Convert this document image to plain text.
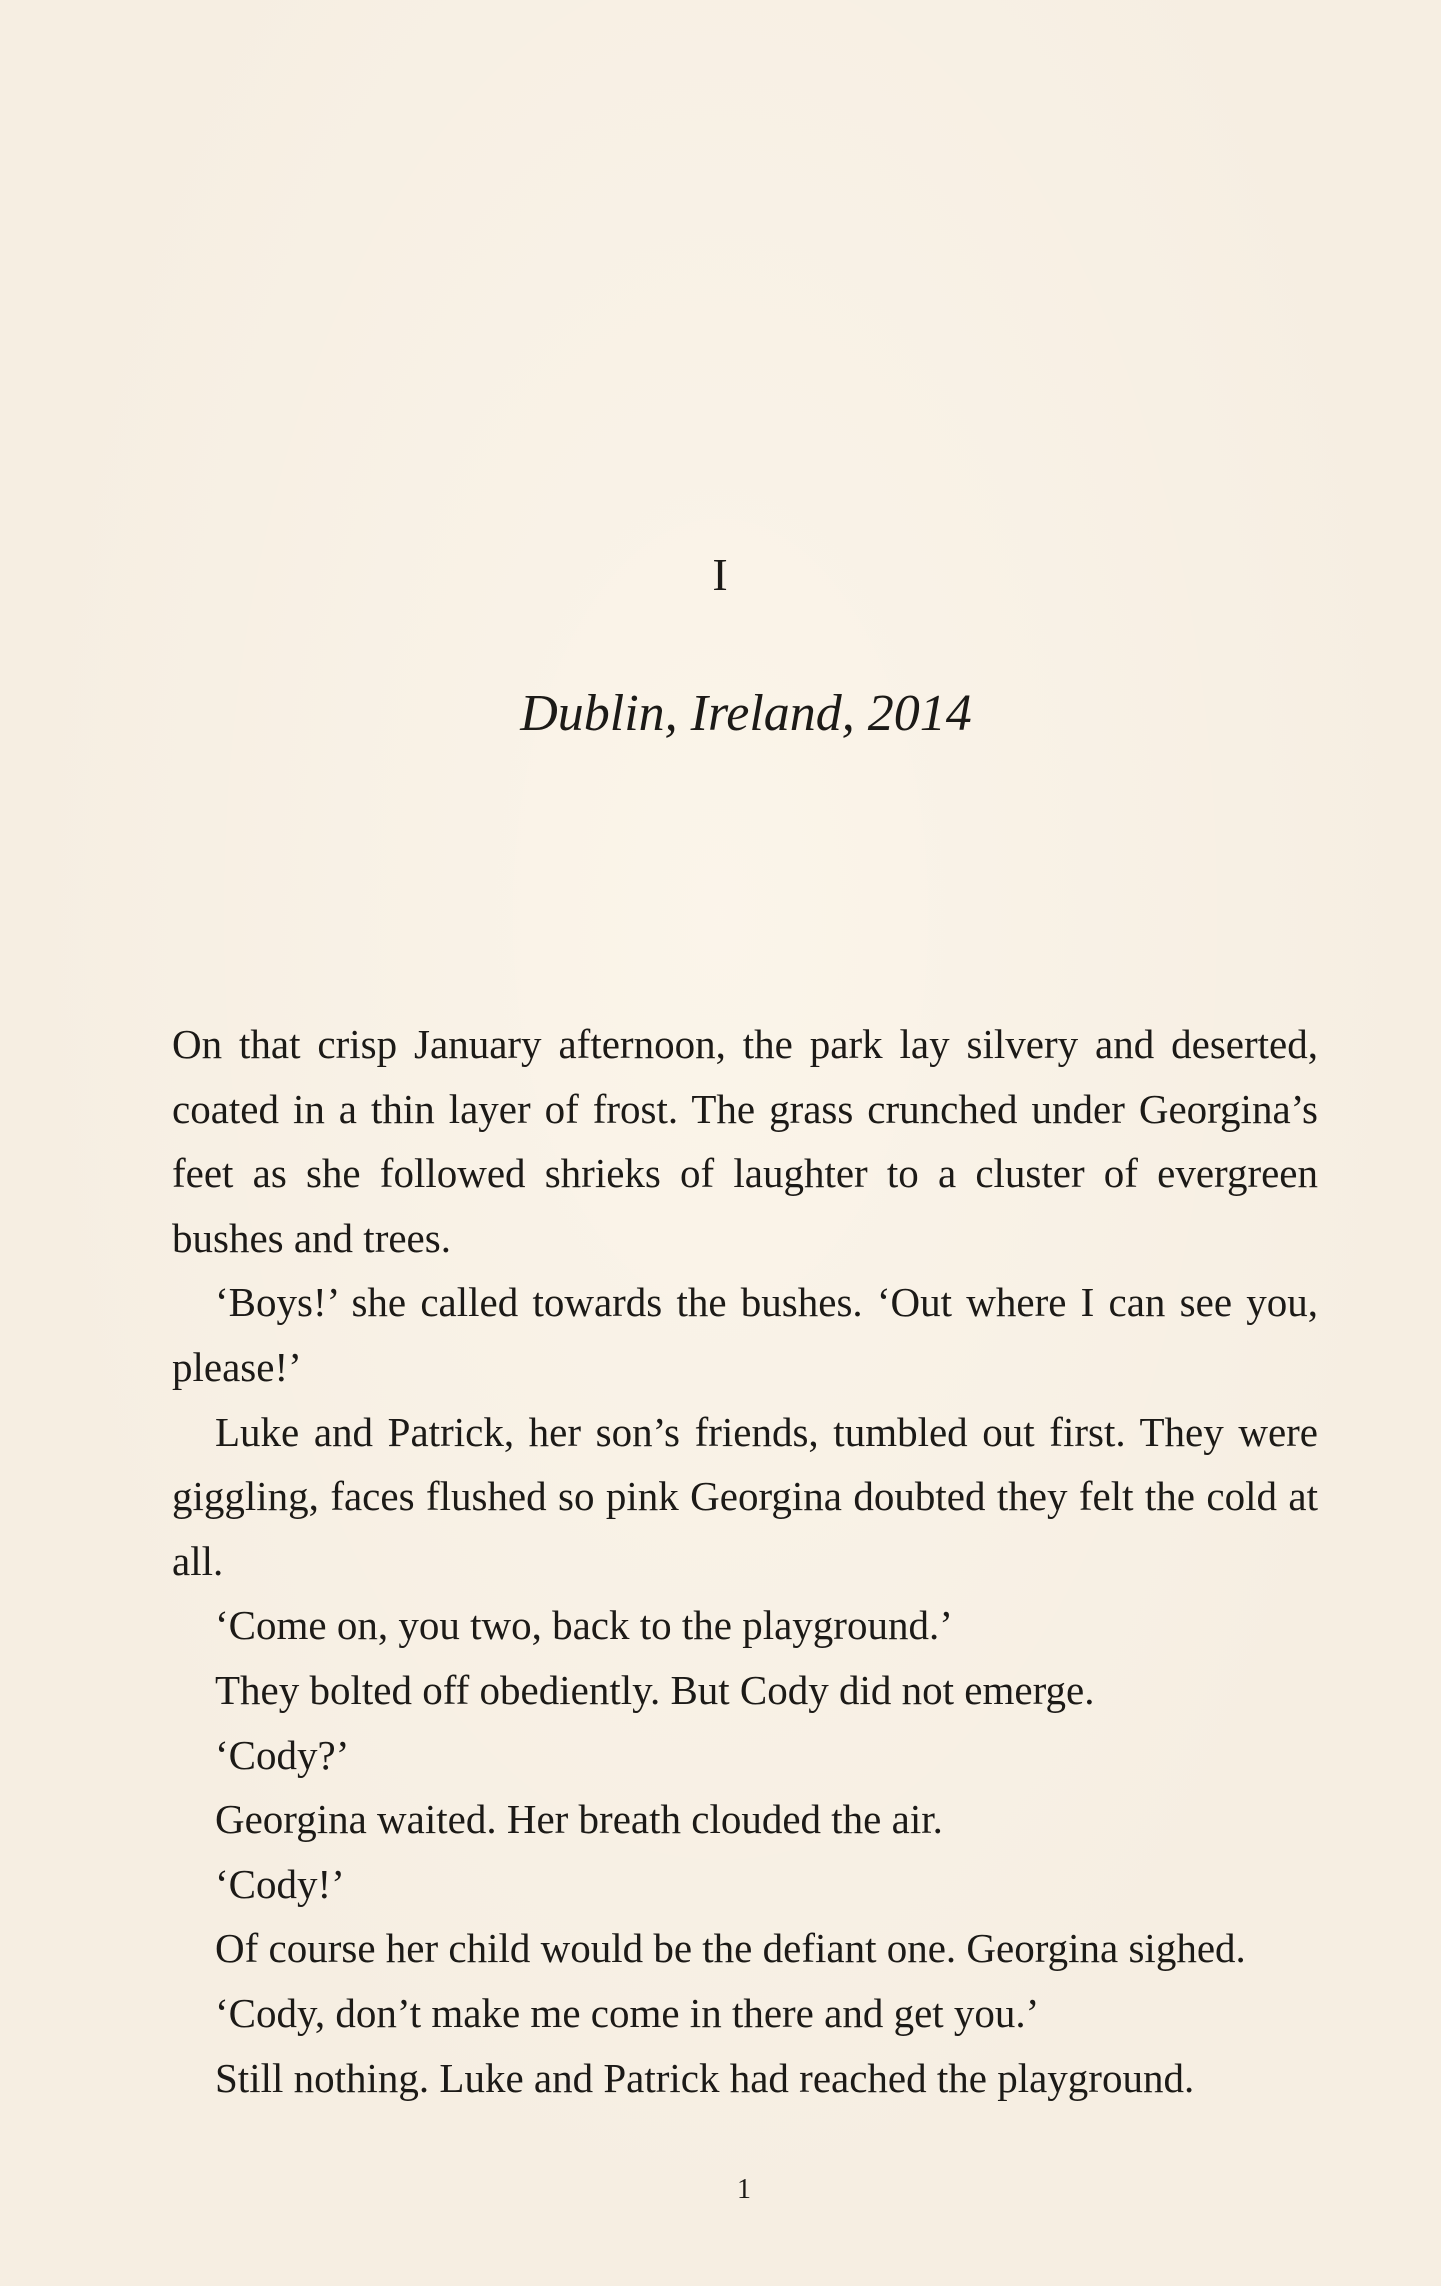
I
Dublin, Ireland, 2014

On that crisp January afternoon, the park lay silvery and deserted, coated in a thin layer of frost. The grass crunched under Georgina’s feet as she followed shrieks of laughter to a cluster of evergreen bushes and trees.

‘Boys!’ she called towards the bushes. ‘Out where I can see you, please!’

Luke and Patrick, her son’s friends, tumbled out first. They were giggling, faces flushed so pink Georgina doubted they felt the cold at all.

‘Come on, you two, back to the playground.’

They bolted off obediently. But Cody did not emerge.

‘Cody?’

Georgina waited. Her breath clouded the air.

‘Cody!’

Of course her child would be the defiant one. Georgina sighed.

‘Cody, don’t make me come in there and get you.’

Still nothing. Luke and Patrick had reached the playground.

1
